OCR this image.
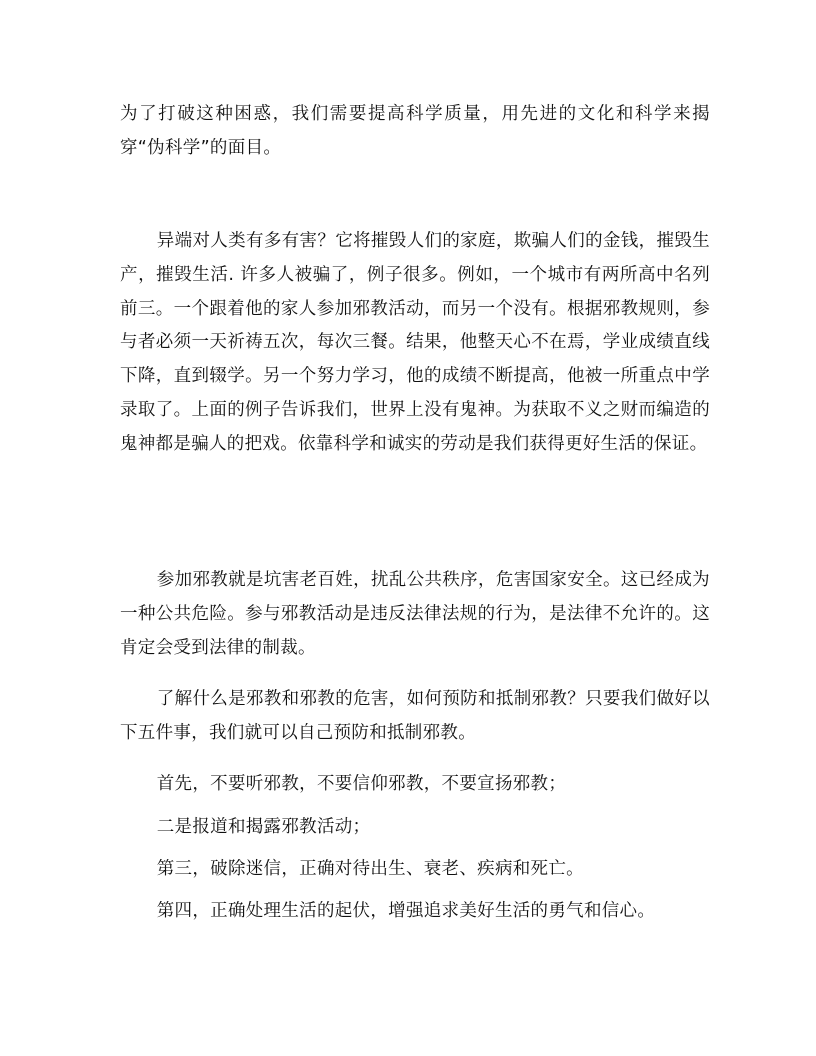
为了打破这种困惑，我们需要提高科学质量，用先进的文化和科学来揭穿“伪科学”的面目。

异端对人类有多有害？它将摧毁人们的家庭，欺骗人们的金钱，摧毁生产，摧毁生活. 许多人被骗了，例子很多。例如，一个城市有两所高中名列前三。一个跟着他的家人参加邪教活动，而另一个没有。根据邪教规则，参与者必须一天祈祷五次，每次三餐。结果，他整天心不在焉，学业成绩直线下降，直到辍学。另一个努力学习，他的成绩不断提高，他被一所重点中学录取了。上面的例子告诉我们，世界上没有鬼神。为获取不义之财而编造的鬼神都是骗人的把戏。依靠科学和诚实的劳动是我们获得更好生活的保证。

参加邪教就是坑害老百姓，扰乱公共秩序，危害国家安全。这已经成为一种公共危险。参与邪教活动是违反法律法规的行为，是法律不允许的。这肯定会受到法律的制裁。

了解什么是邪教和邪教的危害，如何预防和抵制邪教？只要我们做好以下五件事，我们就可以自己预防和抵制邪教。

首先，不要听邪教，不要信仰邪教，不要宣扬邪教；

二是报道和揭露邪教活动；

第三，破除迷信，正确对待出生、衰老、疾病和死亡。

第四，正确处理生活的起伏，增强追求美好生活的勇气和信心。
